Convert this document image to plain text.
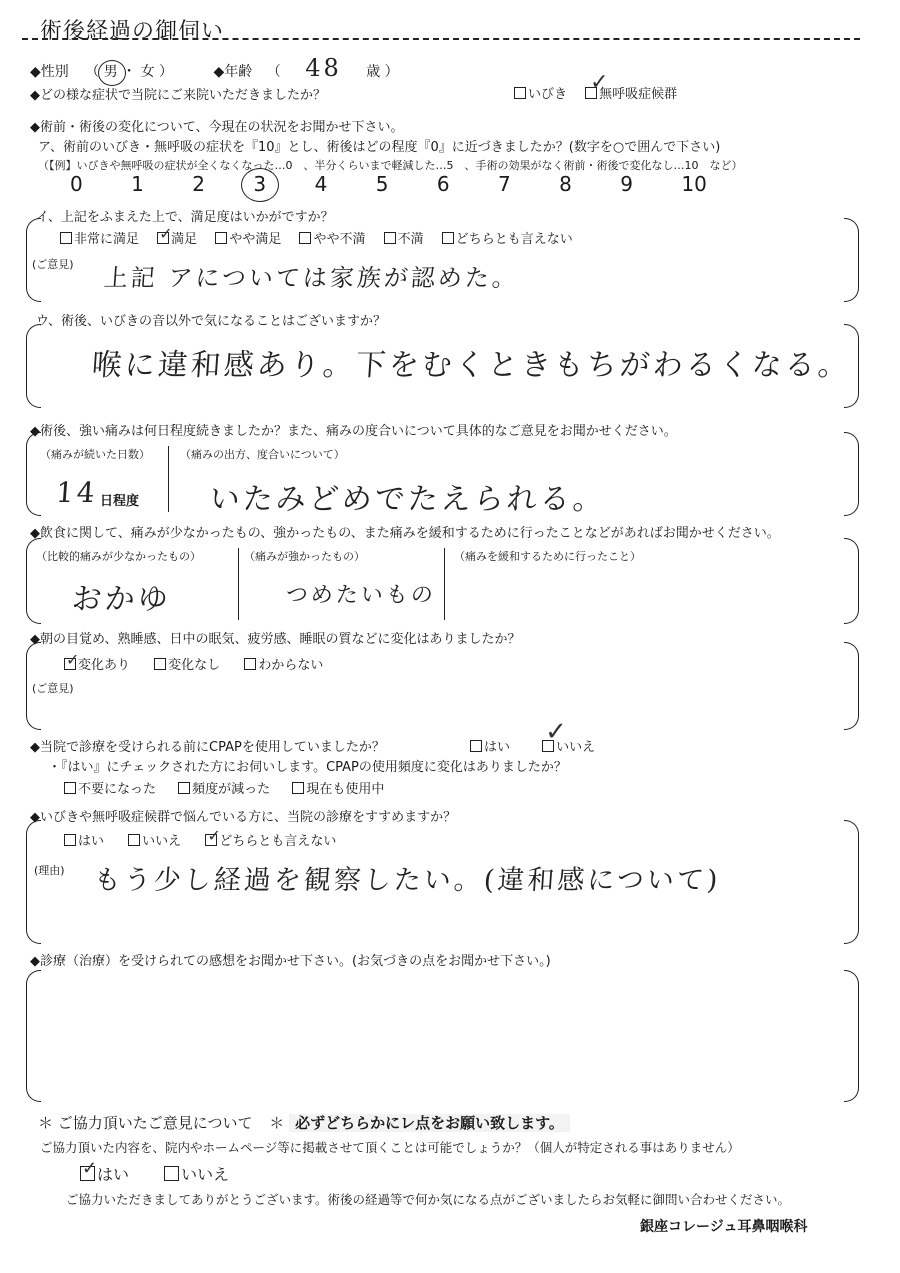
術後経過の御伺い
◆性別 （ 男 ・ 女 ）	◆年齢 （ 48 歳 ）
◆どの様な症状で当院にご来院いただきましたか？	いびき ✓
無呼吸症候群
◆術前・術後の変化について、今現在の状況をお聞かせ下さい。
ア、術前のいびき・無呼吸の症状を『10』とし、術後はどの程度『0』に近づきましたか？(数字を○で囲んで下さい)
（【例】いびきや無呼吸の症状が全くなくなった…0　、半分くらいまで軽減した…5　、手術の効果がなく術前・術後で変化なし…10　など）
0 1 2 3 4 5 6 7 8 9 10
イ、上記をふまえた上で、満足度はいかがですか？
非常に満足 ✓
満足 やや満足 やや不満 不満 どちらとも言えない
(ご意見) 上記 アについては家族が認めた。
ウ、術後、いびきの音以外で気になることはございますか？
喉に違和感あり。下をむくときもちがわるくなる。
◆術後、強い痛みは何日程度続きましたか？また、痛みの度合いについて具体的なご意見をお聞かせください。
（痛みが続いた日数）	（痛みの出方、度合いについて）
14 日程度 いたみどめでたえられる。
◆飲食に関して、痛みが少なかったもの、強かったもの、また痛みを緩和するために行ったことなどがあればお聞かせください。
（比較的痛みが少なかったもの）	（痛みが強かったもの）	（痛みを緩和するために行ったこと）
おかゆ	つめたいもの
◆朝の目覚め、熟睡感、日中の眠気、疲労感、睡眠の質などに変化はありましたか？
✓
変化あり	変化なし	わからない
(ご意見)
◆当院で診療を受けられる前にCPAPを使用していましたか？	はい
✓
いいえ
・『はい』にチェックされた方にお伺いします。CPAPの使用頻度に変化はありましたか？
不要になった	頻度が減った	現在も使用中
◆いびきや無呼吸症候群で悩んでいる方に、当院の診療をすすめますか？
はい	いいえ ✓
どちらとも言えない
(理由) もう少し経過を観察したい。(違和感について)
◆診療（治療）を受けられての感想をお聞かせ下さい。(お気づきの点をお聞かせ下さい。)
＊ ご協力頂いたご意見について ＊ 必ずどちらかにレ点をお願い致します。
ご協力頂いた内容を、院内やホームページ等に掲載させて頂くことは可能でしょうか？（個人が特定される事はありません）
✓ はい	いいえ
ご協力いただきましてありがとうございます。術後の経過等で何か気になる点がございましたらお気軽に御問い合わせください。
銀座コレージュ耳鼻咽喉科
